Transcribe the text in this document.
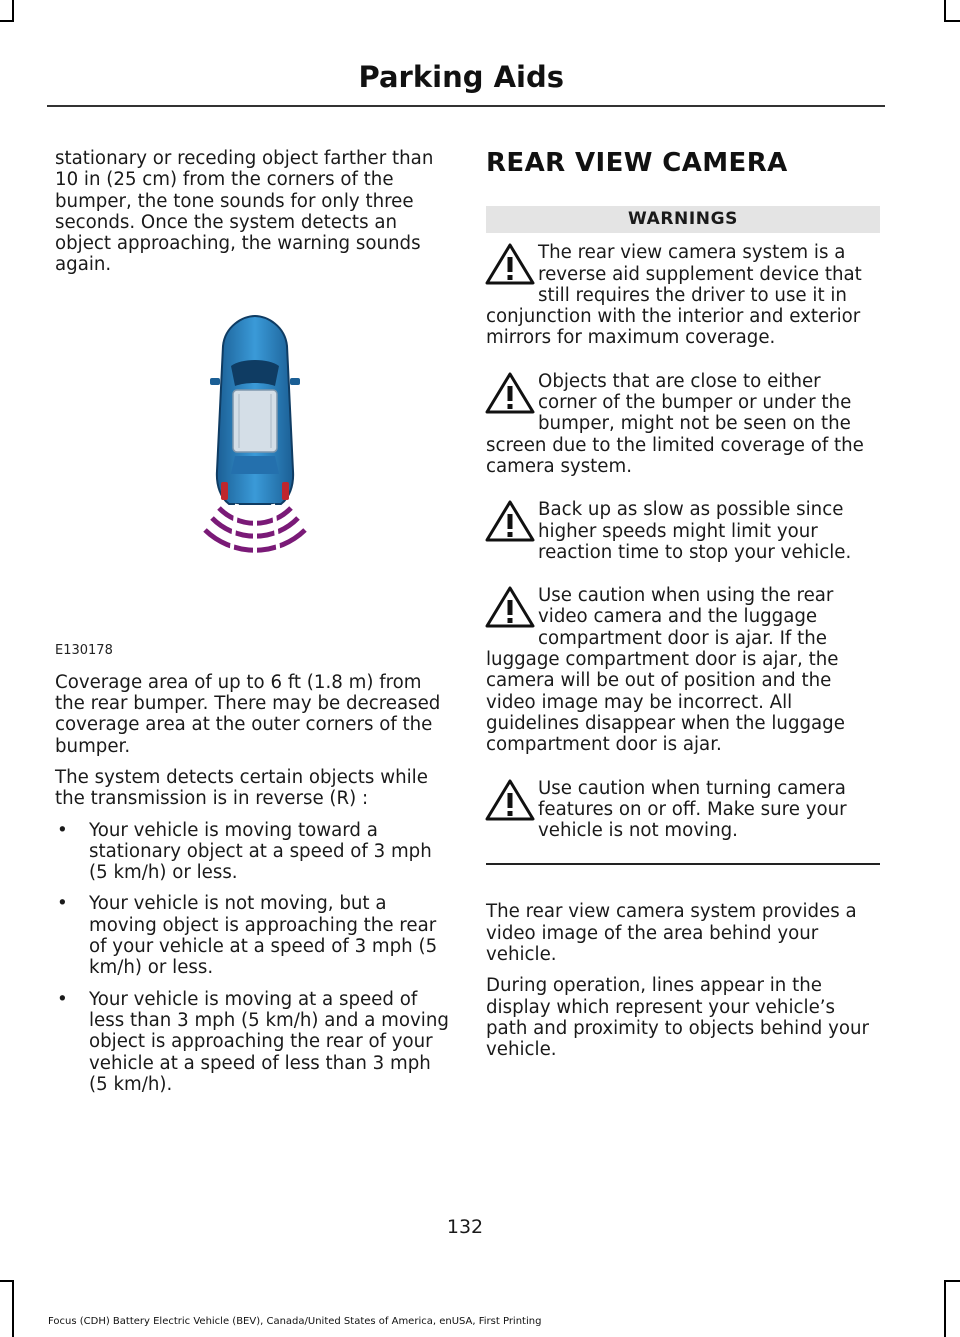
Parking Aids

stationary or receding object farther than 10 in (25 cm) from the corners of the bumper, the tone sounds for only three seconds. Once the system detects an object approaching, the warning sounds again.

E130178

Coverage area of up to 6 ft (1.8 m) from the rear bumper. There may be decreased coverage area at the outer corners of the bumper.

The system detects certain objects while the transmission is in reverse (R) :

• Your vehicle is moving toward a stationary object at a speed of 3 mph (5 km/h) or less.
• Your vehicle is not moving, but a moving object is approaching the rear of your vehicle at a speed of 3 mph (5 km/h) or less.
• Your vehicle is moving at a speed of less than 3 mph (5 km/h) and a moving object is approaching the rear of your vehicle at a speed of less than 3 mph (5 km/h).
REAR VIEW CAMERA
WARNINGS

The rear view camera system is a reverse aid supplement device that still requires the driver to use it in conjunction with the interior and exterior mirrors for maximum coverage.

Objects that are close to either corner of the bumper or under the bumper, might not be seen on the screen due to the limited coverage of the camera system.

Back up as slow as possible since higher speeds might limit your reaction time to stop your vehicle.

Use caution when using the rear video camera and the luggage compartment door is ajar. If the luggage compartment door is ajar, the camera will be out of position and the video image may be incorrect. All guidelines disappear when the luggage compartment door is ajar.

Use caution when turning camera features on or off. Make sure your vehicle is not moving.

The rear view camera system provides a video image of the area behind your vehicle.

During operation, lines appear in the display which represent your vehicle’s path and proximity to objects behind your vehicle.

132
Focus (CDH) Battery Electric Vehicle (BEV), Canada/United States of America, enUSA, First Printing
